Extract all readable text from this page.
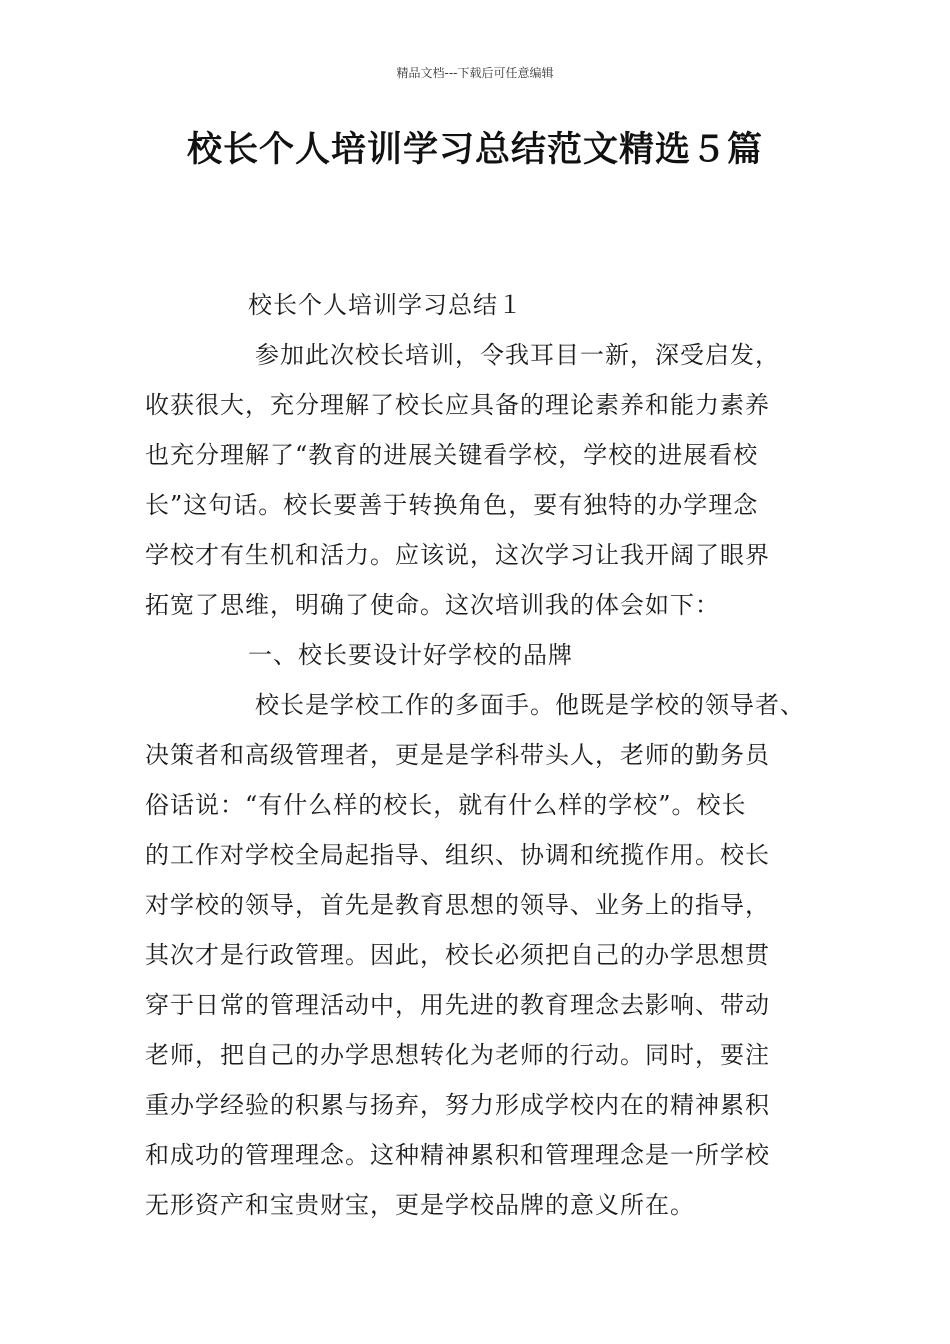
精品文档---下载后可任意编辑
校长个人培训学习总结范文精选５篇
校长个人培训学习总结１
参加此次校长培训，令我耳目一新，深受启发，
收获很大，充分理解了校长应具备的理论素养和能力素养
也充分理解了“教育的进展关键看学校，学校的进展看校
长”这句话。校长要善于转换角色，要有独特的办学理念
学校才有生机和活力。应该说，这次学习让我开阔了眼界
拓宽了思维，明确了使命。这次培训我的体会如下：
一、校长要设计好学校的品牌
校长是学校工作的多面手。他既是学校的领导者、
决策者和高级管理者，更是是学科带头人，老师的勤务员
俗话说：“有什么样的校长，就有什么样的学校”。校长
的工作对学校全局起指导、组织、协调和统揽作用。校长
对学校的领导，首先是教育思想的领导、业务上的指导，
其次才是行政管理。因此，校长必须把自己的办学思想贯
穿于日常的管理活动中，用先进的教育理念去影响、带动
老师，把自己的办学思想转化为老师的行动。同时，要注
重办学经验的积累与扬弃，努力形成学校内在的精神累积
和成功的管理理念。这种精神累积和管理理念是一所学校
无形资产和宝贵财宝，更是学校品牌的意义所在。
